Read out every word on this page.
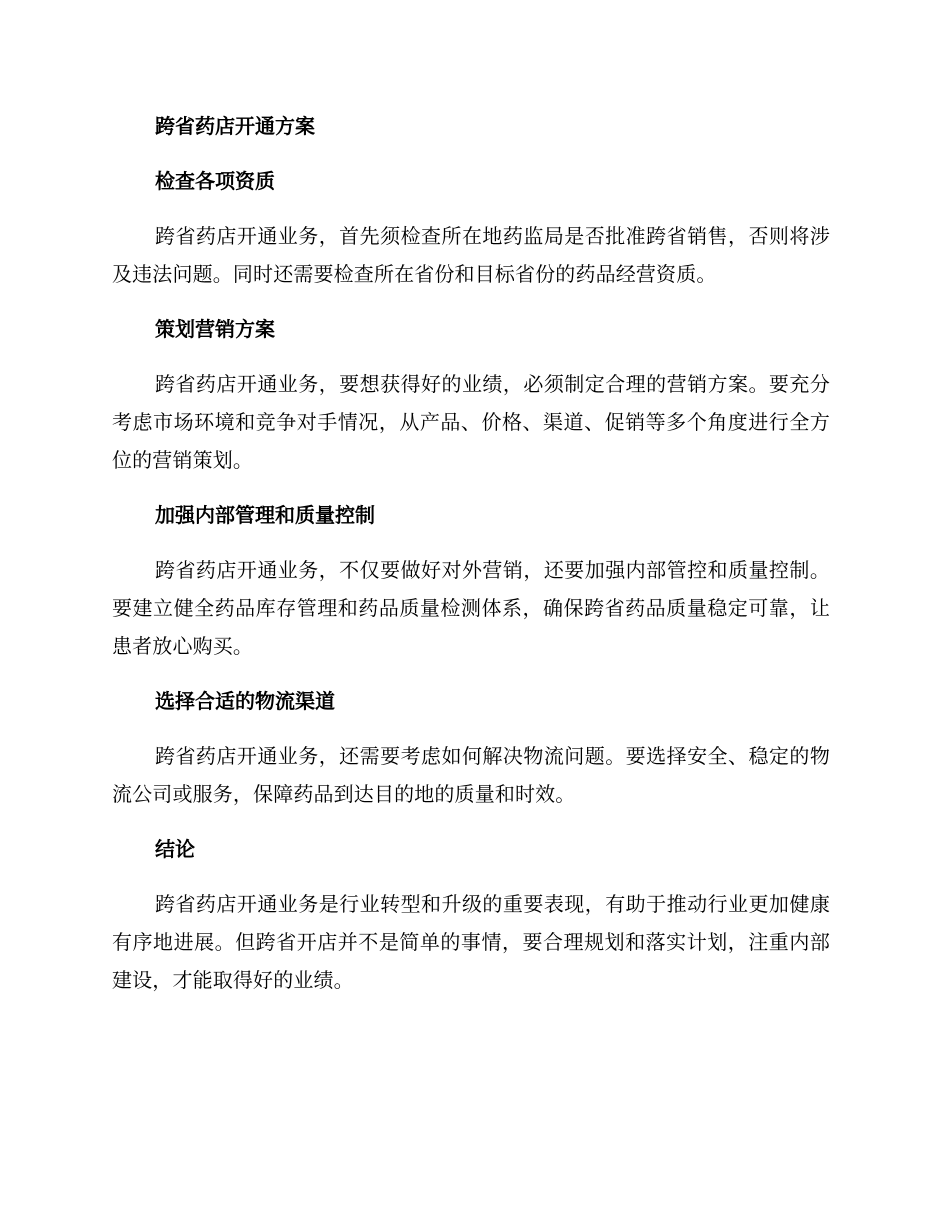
跨省药店开通方案
检查各项资质

跨省药店开通业务，首先须检查所在地药监局是否批准跨省销售，否则将涉及违法问题。同时还需要检查所在省份和目标省份的药品经营资质。

策划营销方案

跨省药店开通业务，要想获得好的业绩，必须制定合理的营销方案。要充分考虑市场环境和竞争对手情况，从产品、价格、渠道、促销等多个角度进行全方位的营销策划。

加强内部管理和质量控制

跨省药店开通业务，不仅要做好对外营销，还要加强内部管控和质量控制。要建立健全药品库存管理和药品质量检测体系，确保跨省药品质量稳定可靠，让患者放心购买。

选择合适的物流渠道

跨省药店开通业务，还需要考虑如何解决物流问题。要选择安全、稳定的物流公司或服务，保障药品到达目的地的质量和时效。

结论

跨省药店开通业务是行业转型和升级的重要表现，有助于推动行业更加健康有序地进展。但跨省开店并不是简单的事情，要合理规划和落实计划，注重内部建设，才能取得好的业绩。
